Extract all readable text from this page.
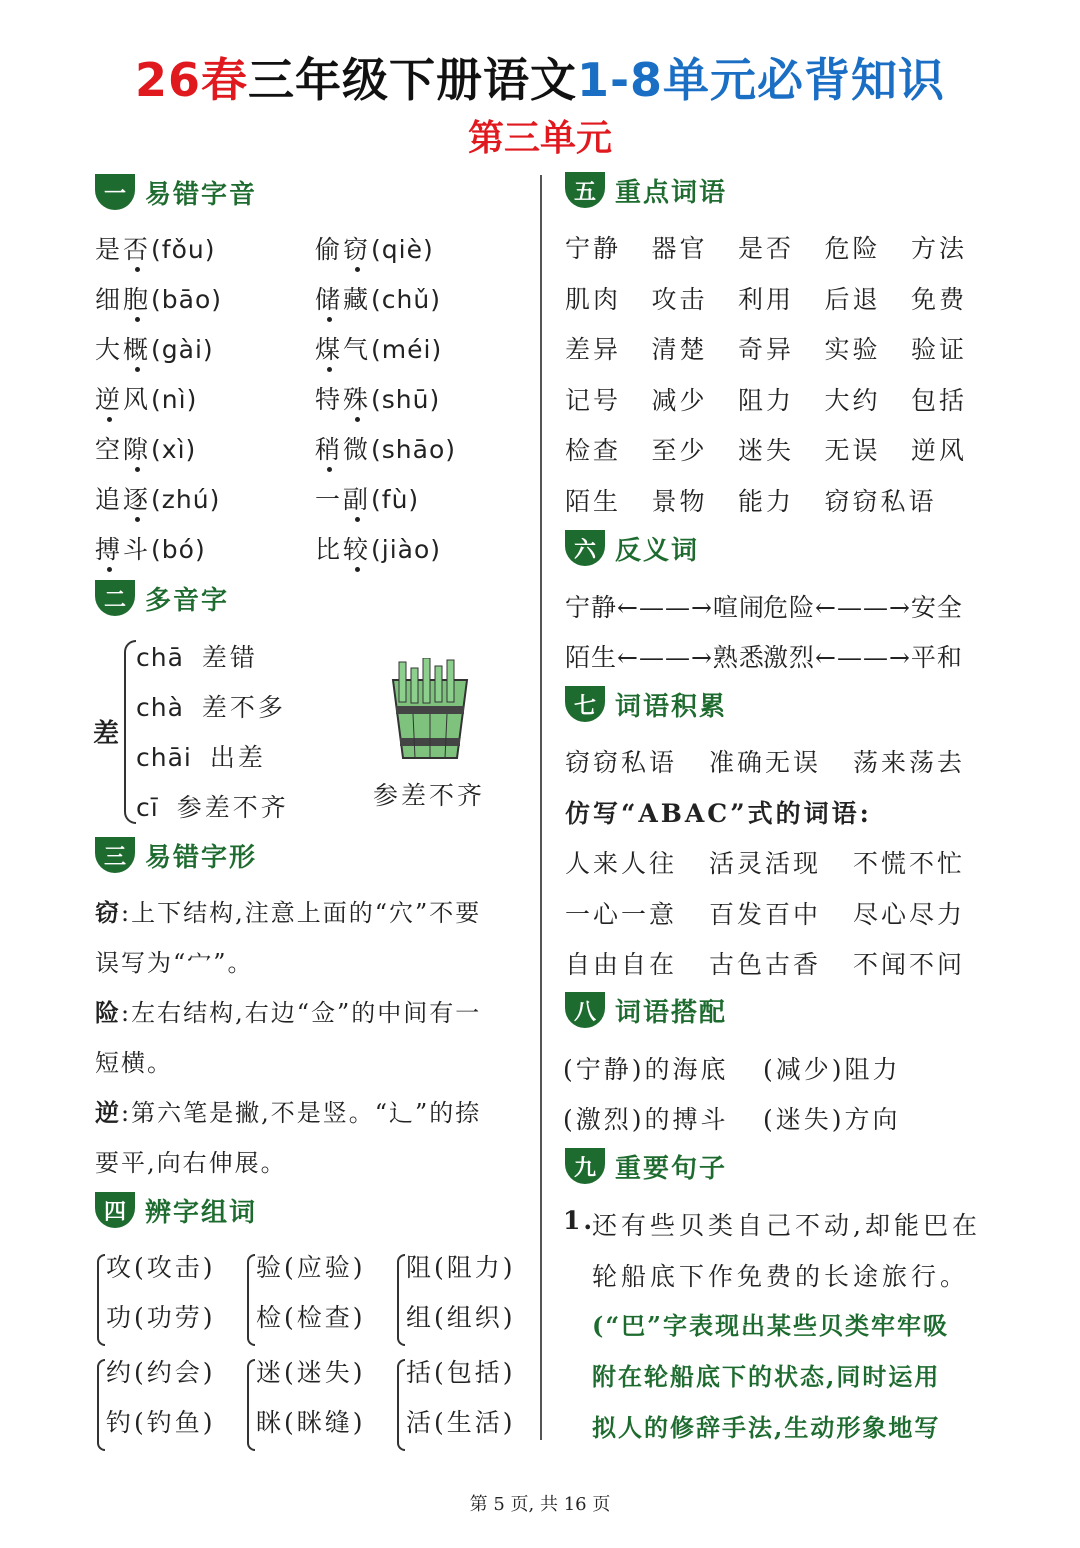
26春三年级下册语文1-8单元必背知识
第三单元
一 易错字音
是否(fǒu)
细胞(bāo)
大概(gài)
逆风(nì)
空隙(xì)
追逐(zhú)
搏斗(bó)
偷窃(qiè)
储藏(chǔ)
煤气(méi)
特殊(shū)
稍微(shāo)
一副(fù)
比较(jiào)
二 多音字
差
chā 差错
chà 差不多
chāi 出差
cī 参差不齐	参差不齐
三 易错字形
窃:上下结构,注意上面的“穴”不要
误写为“宀”。
险:左右结构,右边“佥”的中间有一
短横。
逆:第六笔是撇,不是竖。“辶”的捺
要平,向右伸展。
四 辨字组词
攻(攻击)
功(功劳)
验(应验)
检(检查)
阻(阻力)
组(组织)
约(约会)
钓(钓鱼)
迷(迷失)
眯(眯缝)
括(包括)
活(生活)
五 重点词语
宁静 器官 是否 危险 方法
肌肉 攻击 利用 后退 免费
差异 清楚 奇异 实验 验证
记号 减少 阻力 大约 包括
检查 至少 迷失 无误 逆风
陌生 景物 能力 窃窃私语
六 反义词
宁静←——→喧闹
危险←——→安全
陌生←——→熟悉
激烈←——→平和
七 词语积累
窃窃私语 准确无误 荡来荡去
人来人往 活灵活现 不慌不忙
一心一意 百发百中 尽心尽力
自由自在 古色古香 不闻不问
仿写“ABAC”式的词语:
八 词语搭配
(宁静)的海底 (减少)阻力
(激烈)的搏斗 (迷失)方向
九 重要句子
1.
还有些贝类自己不动,却能巴在
轮船底下作免费的长途旅行。
(“巴”字表现出某些贝类牢牢吸
附在轮船底下的状态,同时运用
拟人的修辞手法,生动形象地写
第 5 页, 共 16 页
